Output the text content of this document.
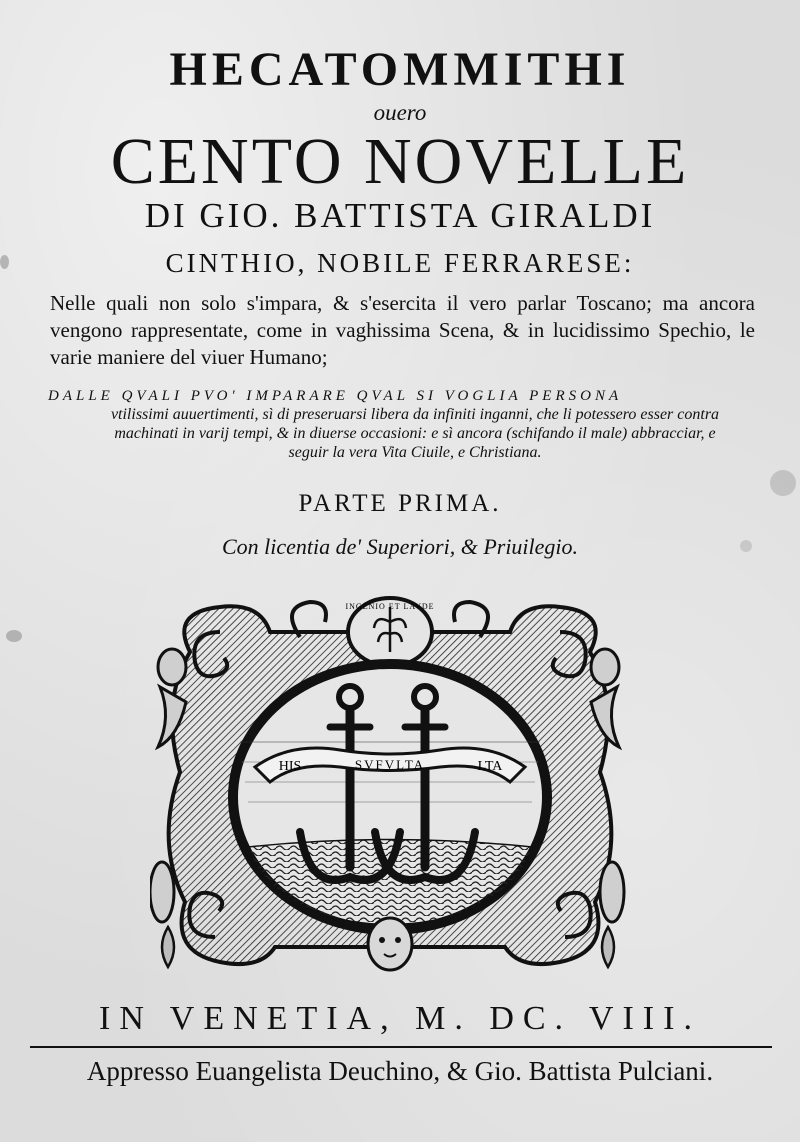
HECATOMMITHI
ouero
CENTO NOVELLE
DI GIO. BATTISTA GIRALDI
CINTHIO, NOBILE FERRARESE:
Nelle quali non solo s'impara, & s'esercita il vero parlar Toscano; ma ancora vengono rappresentate, come in vaghissima Scena, & in lucidissimo Spechio, le varie maniere del viuer Humano;
DALLE QVALI PVO' IMPARARE QVAL SI VOGLIA PERSONA
vtilissimi auuertimenti, sì di preseruarsi libera da infiniti inganni, che li potessero esser contra machinati in varij tempi, & in diuerse occasioni: e sì ancora (schifando il male) abbracciar, e seguir la vera Vita Ciuile, e Christiana.
PARTE PRIMA.
Con licentia de' Superiori, & Priuilegio.
INGENIO ET LAVDE
HIS	SVFVLTA	LTA
IN VENETIA, M. DC. VIII.
Appresso Euangelista Deuchino, & Gio. Battista Pulciani.
